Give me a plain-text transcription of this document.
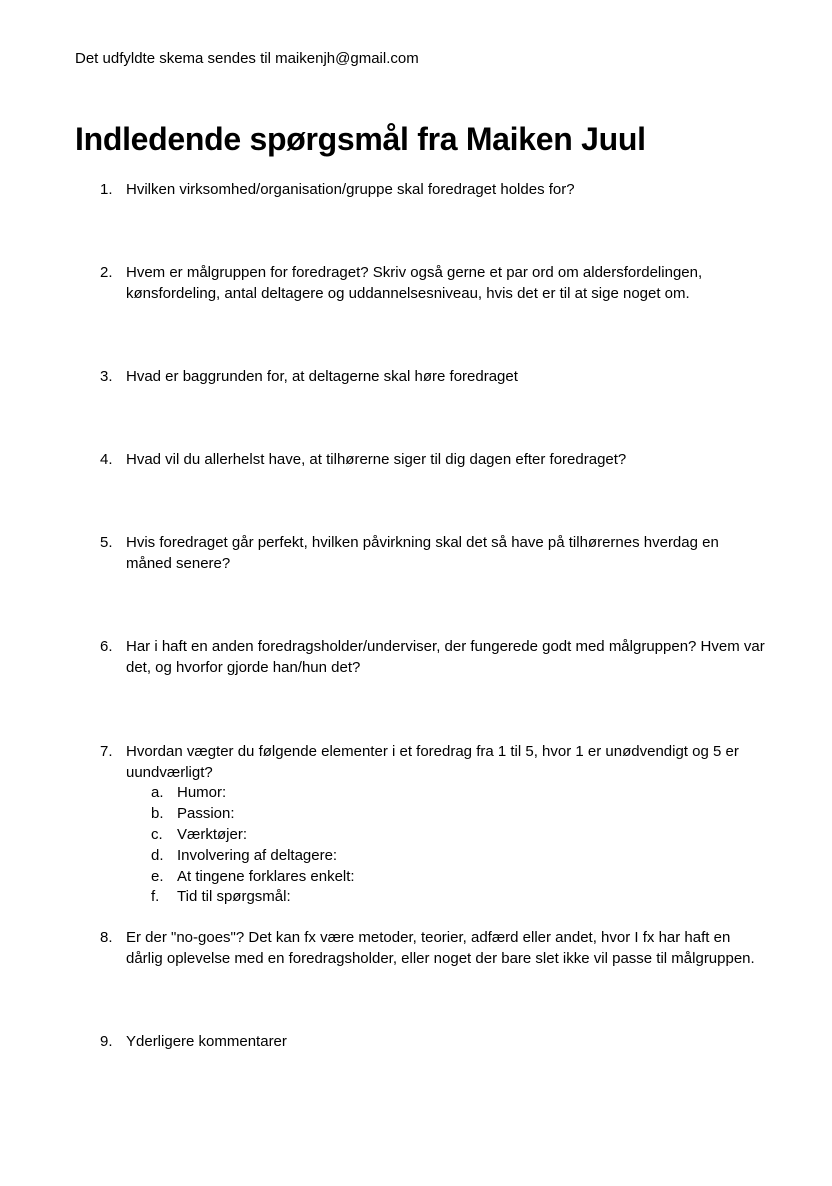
Det udfyldte skema sendes til maikenjh@gmail.com
Indledende spørgsmål fra Maiken Juul
1. Hvilken virksomhed/organisation/gruppe skal foredraget holdes for?
2. Hvem er målgruppen for foredraget? Skriv også gerne et par ord om aldersfordelingen, kønsfordeling, antal deltagere og uddannelsesniveau, hvis det er til at sige noget om.
3. Hvad er baggrunden for, at deltagerne skal høre foredraget
4. Hvad vil du allerhelst have, at tilhørerne siger til dig dagen efter foredraget?
5. Hvis foredraget går perfekt, hvilken påvirkning skal det så have på tilhørernes hverdag en måned senere?
6. Har i haft en anden foredragsholder/underviser, der fungerede godt med målgruppen? Hvem var det, og hvorfor gjorde han/hun det?
7. Hvordan vægter du følgende elementer i et foredrag fra 1 til 5, hvor 1 er unødvendigt og 5 er uundværligt?
a. Humor:
b. Passion:
c. Værktøjer:
d. Involvering af deltagere:
e. At tingene forklares enkelt:
f. Tid til spørgsmål:
8. Er der "no-goes"? Det kan fx være metoder, teorier, adfærd eller andet, hvor I fx har haft en dårlig oplevelse med en foredragsholder, eller noget der bare slet ikke vil passe til målgruppen.
9. Yderligere kommentarer
